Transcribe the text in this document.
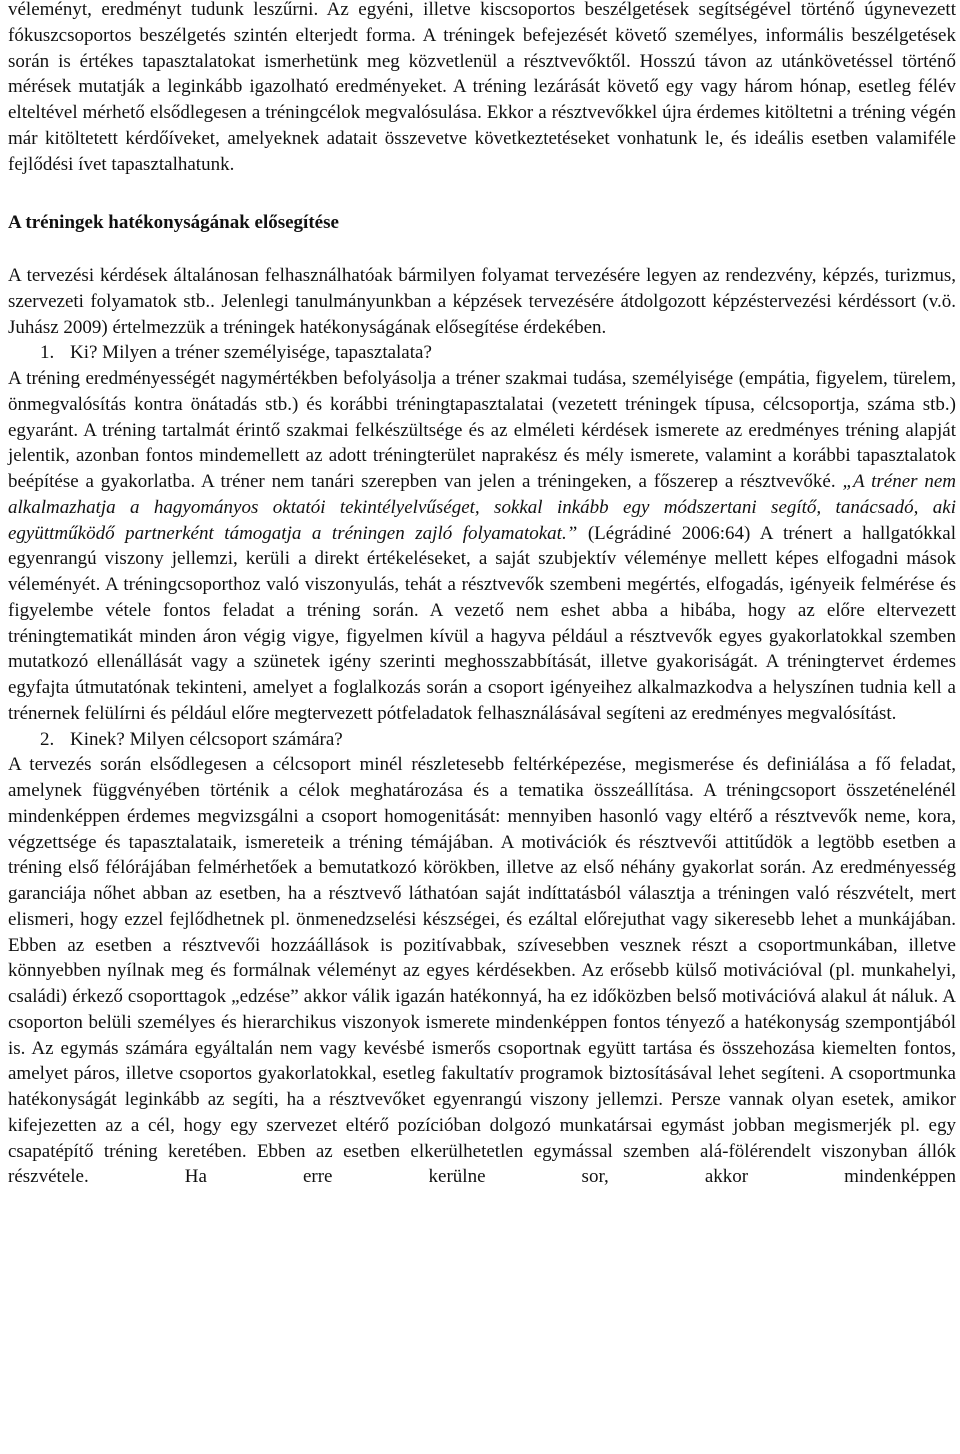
véleményt, eredményt tudunk leszűrni. Az egyéni, illetve kiscsoportos beszélgetések segítségével történő úgynevezett fókuszcsoportos beszélgetés szintén elterjedt forma. A tréningek befejezését követő személyes, informális beszélgetések során is értékes tapasztalatokat ismerhetünk meg közvetlenül a résztvevőktől. Hosszú távon az utánkövetéssel történő mérések mutatják a leginkább igazolható eredményeket. A tréning lezárását követő egy vagy három hónap, esetleg félév elteltével mérhető elsődlegesen a tréningcélok megvalósulása. Ekkor a résztvevőkkel újra érdemes kitöltetni a tréning végén már kitöltetett kérdőíveket, amelyeknek adatait összevetve következtetéseket vonhatunk le, és ideális esetben valamiféle fejlődési ívet tapasztalhatunk.

A tréningek hatékonyságának elősegítése

A tervezési kérdések általánosan felhasználhatóak bármilyen folyamat tervezésére legyen az rendezvény, képzés, turizmus, szervezeti folyamatok stb.. Jelenlegi tanulmányunkban a képzések tervezésére átdolgozott képzéstervezési kérdéssort (v.ö. Juhász 2009) értelmezzük a tréningek hatékonyságának elősegítése érdekében.

1. Ki? Milyen a tréner személyisége, tapasztalata?

A tréning eredményességét nagymértékben befolyásolja a tréner szakmai tudása, személyisége (empátia, figyelem, türelem, önmegvalósítás kontra önátadás stb.) és korábbi tréningtapasztalatai (vezetett tréningek típusa, célcsoportja, száma stb.) egyaránt. A tréning tartalmát érintő szakmai felkészültsége és az elméleti kérdések ismerete az eredményes tréning alapját jelentik, azonban fontos mindemellett az adott tréningterület naprakész és mély ismerete, valamint a korábbi tapasztalatok beépítése a gyakorlatba. A tréner nem tanári szerepben van jelen a tréningeken, a főszerep a résztvevőké. „A tréner nem alkalmazhatja a hagyományos oktatói tekintélyelvűséget, sokkal inkább egy módszertani segítő, tanácsadó, aki együttműködő partnerként támogatja a tréningen zajló folyamatokat.” (Légrádiné 2006:64) A trénert a hallgatókkal egyenrangú viszony jellemzi, kerüli a direkt értékeléseket, a saját szubjektív véleménye mellett képes elfogadni mások véleményét. A tréningcsoporthoz való viszonyulás, tehát a résztvevők szembeni megértés, elfogadás, igényeik felmérése és figyelembe vétele fontos feladat a tréning során. A vezető nem eshet abba a hibába, hogy az előre eltervezett tréningtematikát minden áron végig vigye, figyelmen kívül a hagyva például a résztvevők egyes gyakorlatokkal szemben mutatkozó ellenállását vagy a szünetek igény szerinti meghosszabbítását, illetve gyakoriságát. A tréningtervet érdemes egyfajta útmutatónak tekinteni, amelyet a foglalkozás során a csoport igényeihez alkalmazkodva a helyszínen tudnia kell a trénernek felülírni és például előre megtervezett pótfeladatok felhasználásával segíteni az eredményes megvalósítást.

2. Kinek? Milyen célcsoport számára?

A tervezés során elsődlegesen a célcsoport minél részletesebb feltérképezése, megismerése és definiálása a fő feladat, amelynek függvényében történik a célok meghatározása és a tematika összeállítása. A tréningcsoport összeténelénél mindenképpen érdemes megvizsgálni a csoport homogenitását: mennyiben hasonló vagy eltérő a résztvevők neme, kora, végzettsége és tapasztalataik, ismereteik a tréning témájában. A motivációk és résztvevői attitűdök a legtöbb esetben a tréning első félórájában felmérhetőek a bemutatkozó körökben, illetve az első néhány gyakorlat során. Az eredményesség garanciája nőhet abban az esetben, ha a résztvevő láthatóan saját indíttatásból választja a tréningen való részvételt, mert elismeri, hogy ezzel fejlődhetnek pl. önmenedzselési készségei, és ezáltal előrejuthat vagy sikeresebb lehet a munkájában. Ebben az esetben a résztvevői hozzáállások is pozitívabbak, szívesebben vesznek részt a csoportmunkában, illetve könnyebben nyílnak meg és formálnak véleményt az egyes kérdésekben. Az erősebb külső motivációval (pl. munkahelyi, családi) érkező csoporttagok „edzése” akkor válik igazán hatékonnyá, ha ez időközben belső motivációvá alakul át náluk. A csoporton belüli személyes és hierarchikus viszonyok ismerete mindenképpen fontos tényező a hatékonyság szempontjából is. Az egymás számára egyáltalán nem vagy kevésbé ismerős csoportnak együtt tartása és összehozása kiemelten fontos, amelyet páros, illetve csoportos gyakorlatokkal, esetleg fakultatív programok biztosításával lehet segíteni. A csoportmunka hatékonyságát leginkább az segíti, ha a résztvevőket egyenrangú viszony jellemzi. Persze vannak olyan esetek, amikor kifejezetten az a cél, hogy egy szervezet eltérő pozícióban dolgozó munkatársai egymást jobban megismerjék pl. egy csapatépítő tréning keretében. Ebben az esetben elkerülhetetlen egymással szemben alá-fölérendelt viszonyban állók részvétele. Ha erre kerülne sor, akkor mindenképpen
